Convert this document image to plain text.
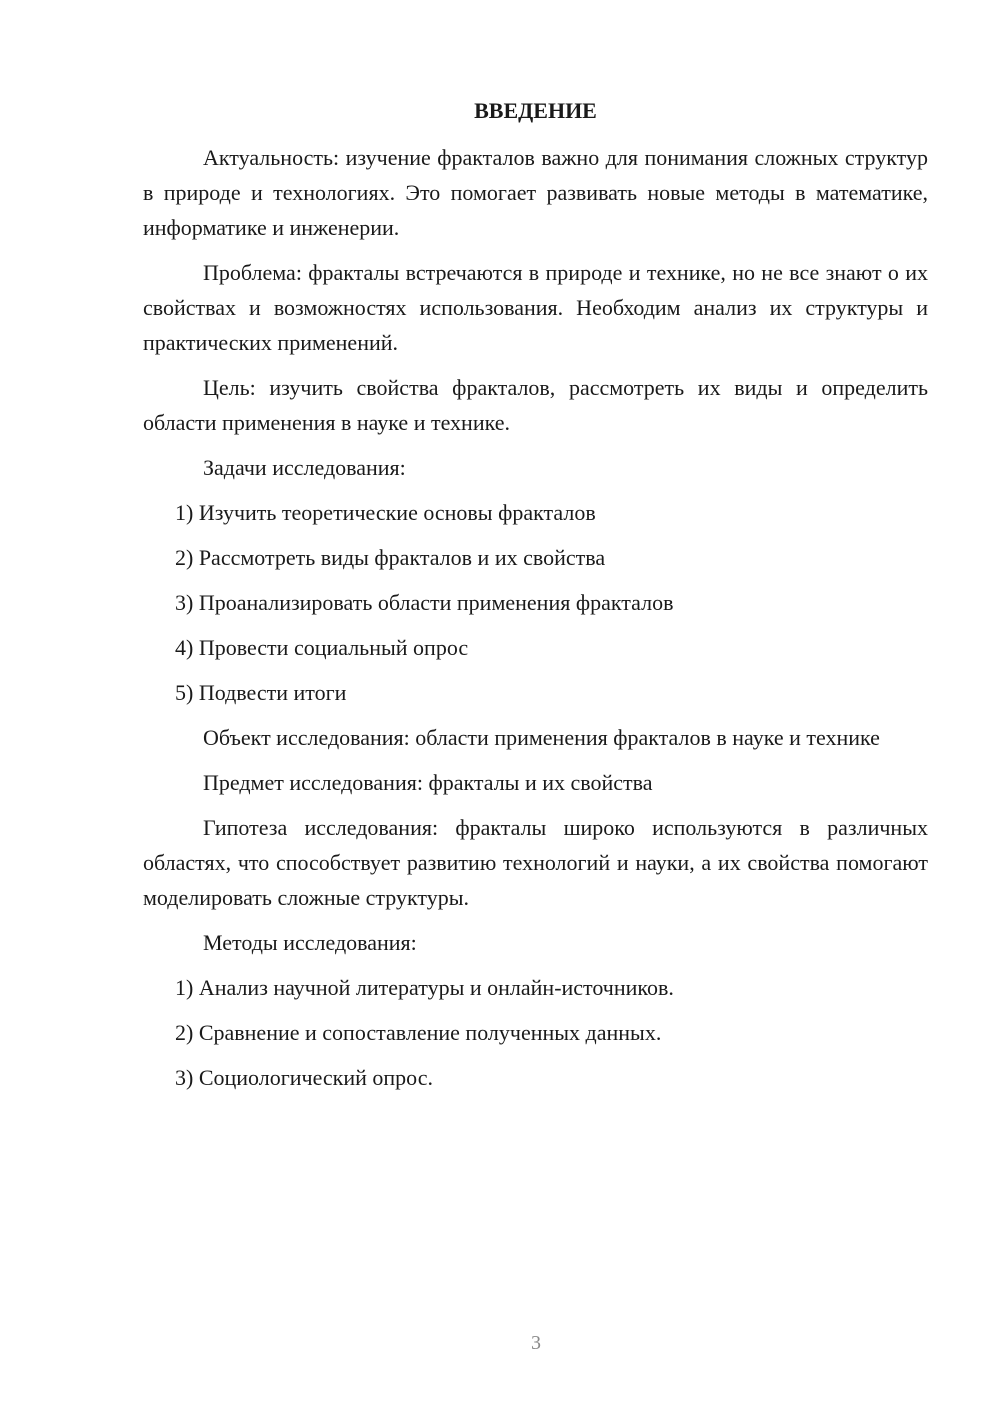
ВВЕДЕНИЕ

Актуальность: изучение фракталов важно для понимания сложных структур в природе и технологиях. Это помогает развивать новые методы в математике, информатике и инженерии.

Проблема: фракталы встречаются в природе и технике, но не все знают о их свойствах и возможностях использования. Необходим анализ их структуры и практических применений.

Цель: изучить свойства фракталов, рассмотреть их виды и определить области применения в науке и технике.

Задачи исследования:

1) Изучить теоретические основы фракталов
2) Рассмотреть виды фракталов и их свойства
3) Проанализировать области применения фракталов
4) Провести социальный опрос
5) Подвести итоги

Объект исследования: области применения фракталов в науке и технике

Предмет исследования: фракталы и их свойства

Гипотеза исследования: фракталы широко используются в различных областях, что способствует развитию технологий и науки, а их свойства помогают моделировать сложные структуры.

Методы исследования:

1) Анализ научной литературы и онлайн-источников.
2) Сравнение и сопоставление полученных данных.
3) Социологический опрос.
3
